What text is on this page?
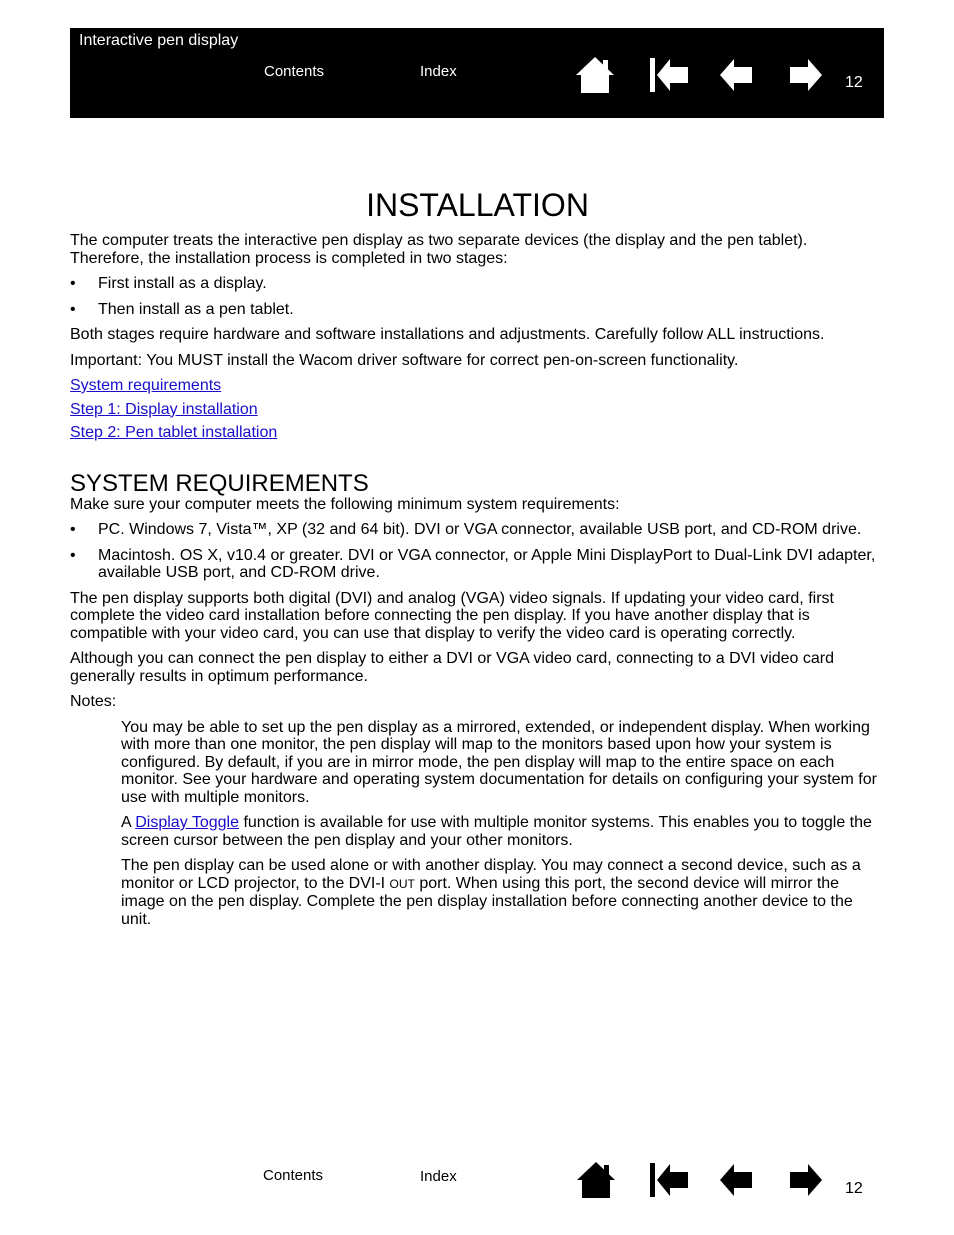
Interactive pen display
Contents	Index
12
INSTALLATION

The computer treats the interactive pen display as two separate devices (the display and the pen tablet). Therefore, the installation process is completed in two stages:

• First install as a display.
• Then install as a pen tablet.

Both stages require hardware and software installations and adjustments. Carefully follow ALL instructions.

Important: You MUST install the Wacom driver software for correct pen-on-screen functionality.

System requirements

Step 1: Display installation

Step 2: Pen tablet installation

SYSTEM REQUIREMENTS

Make sure your computer meets the following minimum system requirements:

• PC. Windows 7, Vista™, XP (32 and 64 bit). DVI or VGA connector, available USB port, and CD-ROM drive.
• Macintosh. OS X, v10.4 or greater. DVI or VGA connector, or Apple Mini DisplayPort to Dual-Link DVI adapter, available USB port, and CD-ROM drive.

The pen display supports both digital (DVI) and analog (VGA) video signals. If updating your video card, first complete the video card installation before connecting the pen display. If you have another display that is compatible with your video card, you can use that display to verify the video card is operating correctly.

Although you can connect the pen display to either a DVI or VGA video card, connecting to a DVI video card generally results in optimum performance.

Notes:

You may be able to set up the pen display as a mirrored, extended, or independent display. When working with more than one monitor, the pen display will map to the monitors based upon how your system is configured. By default, if you are in mirror mode, the pen display will map to the entire space on each monitor. See your hardware and operating system documentation for details on configuring your system for use with multiple monitors.

A Display Toggle function is available for use with multiple monitor systems. This enables you to toggle the screen cursor between the pen display and your other monitors.

The pen display can be used alone or with another display. You may connect a second device, such as a monitor or LCD projector, to the DVI-I OUT port. When using this port, the second device will mirror the image on the pen display. Complete the pen display installation before connecting another device to the unit.

Contents	Index
12
